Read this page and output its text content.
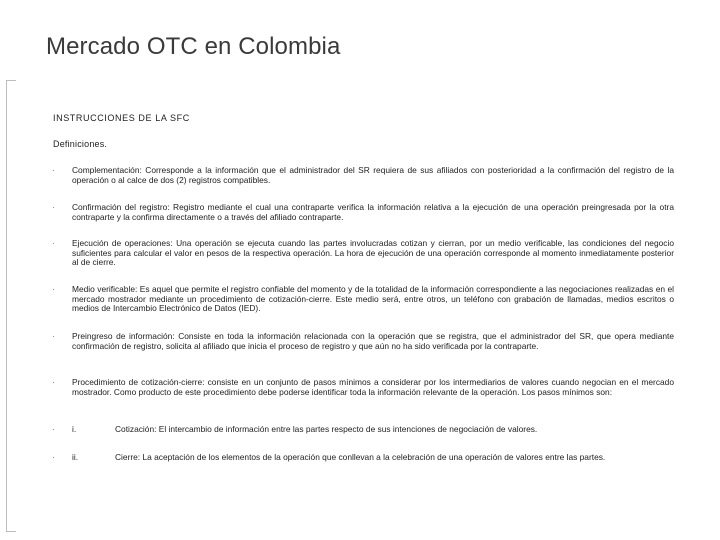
Mercado OTC en Colombia
INSTRUCCIONES DE LA SFC
Definiciones.
· Complementación: Corresponde a la información que el administrador del SR requiera de sus afiliados con posterioridad a la confirmación del registro de la operación o al calce de dos (2) registros compatibles.
· Confirmación del registro: Registro mediante el cual una contraparte verifica la información relativa a la ejecución de una operación preingresada por la otra contraparte y la confirma directamente o a través del afiliado contraparte.
· Ejecución de operaciones: Una operación se ejecuta cuando las partes involucradas cotizan y cierran, por un medio verificable, las condiciones del negocio suficientes para calcular el valor en pesos de la respectiva operación. La hora de ejecución de una operación corresponde al momento inmediatamente posterior al de cierre.
· Medio verificable: Es aquel que permite el registro confiable del momento y de la totalidad de la información correspondiente a las negociaciones realizadas en el mercado mostrador mediante un procedimiento de cotización-cierre. Este medio será, entre otros, un teléfono con grabación de llamadas, medios escritos o medios de Intercambio Electrónico de Datos (IED).
· Preingreso de información: Consiste en toda la información relacionada con la operación que se registra, que el administrador del SR, que opera mediante confirmación de registro, solicita al afiliado que inicia el proceso de registro y que aún no ha sido verificada por la contraparte.
· Procedimiento de cotización-cierre: consiste en un conjunto de pasos mínimos a considerar por los intermediarios de valores cuando negocian en el mercado mostrador. Como producto de este procedimiento debe poderse identificar toda la información relevante de la operación. Los pasos mínimos son:
· i.	Cotización: El intercambio de información entre las partes respecto de sus intenciones de negociación de valores.
· ii.	Cierre: La aceptación de los elementos de la operación que conllevan a la celebración de una operación de valores entre las partes.
